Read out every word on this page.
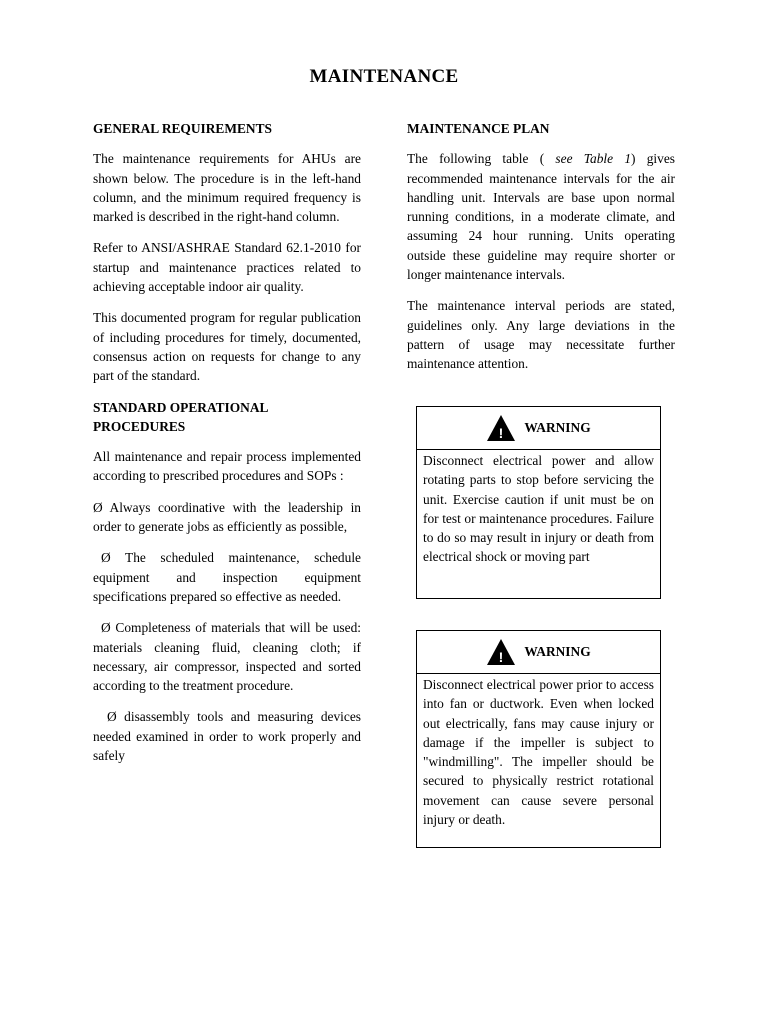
MAINTENANCE
GENERAL REQUIREMENTS

The maintenance requirements for AHUs are shown below. The procedure is in the left-hand column, and the minimum required frequency is marked is described in the right-hand column.

Refer to ANSI/ASHRAE Standard 62.1-2010 for startup and maintenance practices related to achieving acceptable indoor air quality.

This documented program for regular publication of including procedures for timely, documented, consensus action on requests for change to any part of the standard.

STANDARD OPERATIONAL PROCEDURES

All maintenance and repair process implemented according to prescribed procedures and SOPs :

Ø Always coordinative with the leadership in order to generate jobs as efficiently as possible,

Ø The scheduled maintenance, schedule equipment and inspection equipment specifications prepared so effective as needed.

Ø Completeness of materials that will be used: materials cleaning fluid, cleaning cloth; if necessary, air compressor, inspected and sorted according to the treatment procedure.

Ø disassembly tools and measuring devices needed examined in order to work properly and safely

MAINTENANCE PLAN

The following table ( see Table 1) gives recommended maintenance intervals for the air handling unit. Intervals are base upon normal running conditions, in a moderate climate, and assuming 24 hour running. Units operating outside these guideline may require shorter or longer maintenance intervals.

The maintenance interval periods are stated, guidelines only. Any large deviations in the pattern of usage may necessitate further maintenance attention.

! WARNING
Disconnect electrical power and allow rotating parts to stop before servicing the unit. Exercise caution if unit must be on for test or maintenance procedures. Failure to do so may result in injury or death from electrical shock or moving part
! WARNING
Disconnect electrical power prior to access into fan or ductwork. Even when locked out electrically, fans may cause injury or damage if the impeller is subject to "windmilling". The impeller should be secured to physically restrict rotational movement can cause severe personal injury or death.
